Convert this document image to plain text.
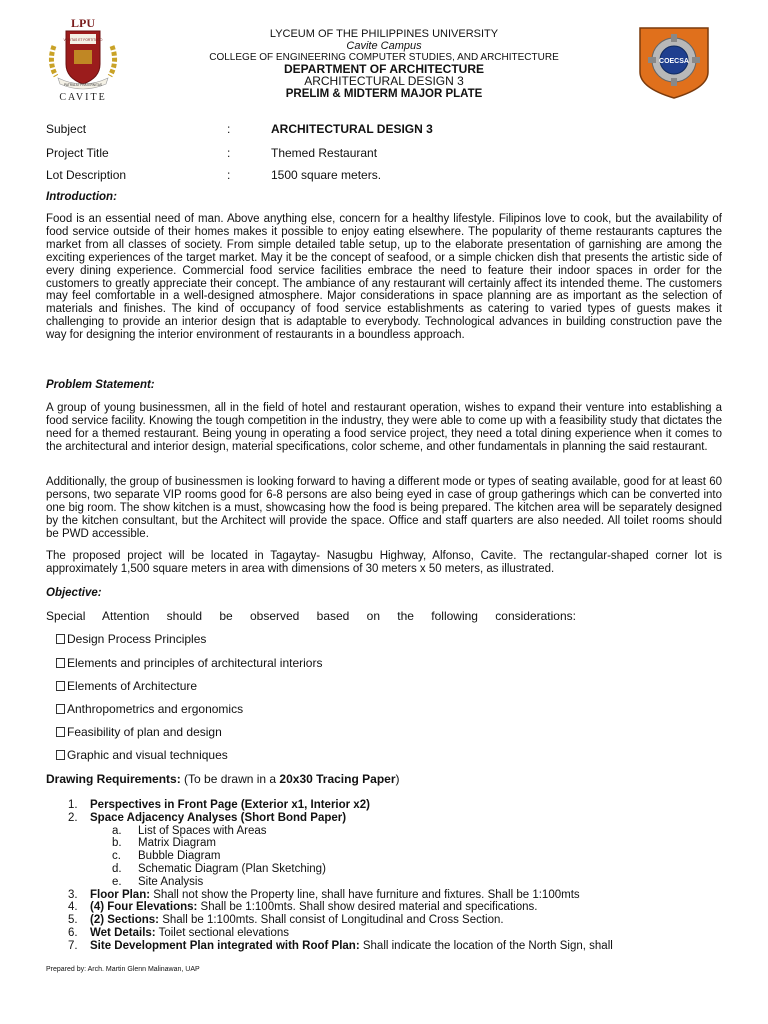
LPU
VERITAS ET FORTITUDO
PATRIA AT FRATERNITAS
CAVITE
LYCEUM OF THE PHILIPPINES UNIVERSITY
Cavite Campus
COLLEGE OF ENGINEERING COMPUTER STUDIES, AND ARCHITECTURE
DEPARTMENT OF ARCHITECTURE
ARCHITECTURAL DESIGN 3
PRELIM & MIDTERM MAJOR PLATE
COECSA
Subject	:	ARCHITECTURAL DESIGN 3
Project Title	:	Themed Restaurant
Lot Description	:	1500 square meters.
Introduction:

Food is an essential need of man. Above anything else, concern for a healthy lifestyle. Filipinos love to cook, but the availability of food service outside of their homes makes it possible to enjoy eating elsewhere. The popularity of theme restaurants captures the market from all classes of society. From simple detailed table setup, up to the elaborate presentation of garnishing are among the exciting experiences of the target market. May it be the concept of seafood, or a simple chicken dish that presents the artistic side of every dining experience. Commercial food service facilities embrace the need to feature their indoor spaces in order for the customers to greatly appreciate their concept. The ambiance of any restaurant will certainly affect its intended theme. The customers may feel comfortable in a well-designed atmosphere. Major considerations in space planning are as important as the selection of materials and finishes. The kind of occupancy of food service establishments as catering to varied types of guests makes it challenging to provide an interior design that is adaptable to everybody. Technological advances in building construction pave the way for designing the interior environment of restaurants in a boundless approach.

Problem Statement:

A group of young businessmen, all in the field of hotel and restaurant operation, wishes to expand their venture into establishing a food service facility. Knowing the tough competition in the industry, they were able to come up with a feasibility study that dictates the need for a themed restaurant. Being young in operating a food service project, they need a total dining experience when it comes to the architectural and interior design, material specifications, color scheme, and other fundamentals in planning the said restaurant.

Additionally, the group of businessmen is looking forward to having a different mode or types of seating available, good for at least 60 persons, two separate VIP rooms good for 6-8 persons are also being eyed in case of group gatherings which can be converted into one big room. The show kitchen is a must, showcasing how the food is being prepared. The kitchen area will be separately designed by the kitchen consultant, but the Architect will provide the space. Office and staff quarters are also needed. All toilet rooms should be PWD accessible.

The proposed project will be located in Tagaytay- Nasugbu Highway, Alfonso, Cavite. The rectangular-shaped corner lot is approximately 1,500 square meters in area with dimensions of 30 meters x 50 meters, as illustrated.

Objective:
Special Attention should be observed based on the following considerations:
Design Process Principles
Elements and principles of architectural interiors
Elements of Architecture
Anthropometrics and ergonomics
Feasibility of plan and design
Graphic and visual techniques
Drawing Requirements: (To be drawn in a 20x30 Tracing Paper)
1. Perspectives in Front Page (Exterior x1, Interior x2)
2. Space Adjacency Analyses (Short Bond Paper)
a. List of Spaces with Areas
b. Matrix Diagram
c. Bubble Diagram
d. Schematic Diagram (Plan Sketching)
e. Site Analysis
3. Floor Plan: Shall not show the Property line, shall have furniture and fixtures. Shall be 1:100mts
4. (4) Four Elevations: Shall be 1:100mts. Shall show desired material and specifications.
5. (2) Sections: Shall be 1:100mts. Shall consist of Longitudinal and Cross Section.
6. Wet Details: Toilet sectional elevations
7. Site Development Plan integrated with Roof Plan: Shall indicate the location of the North Sign, shall
Prepared by: Arch. Martin Glenn Malinawan, UAP
